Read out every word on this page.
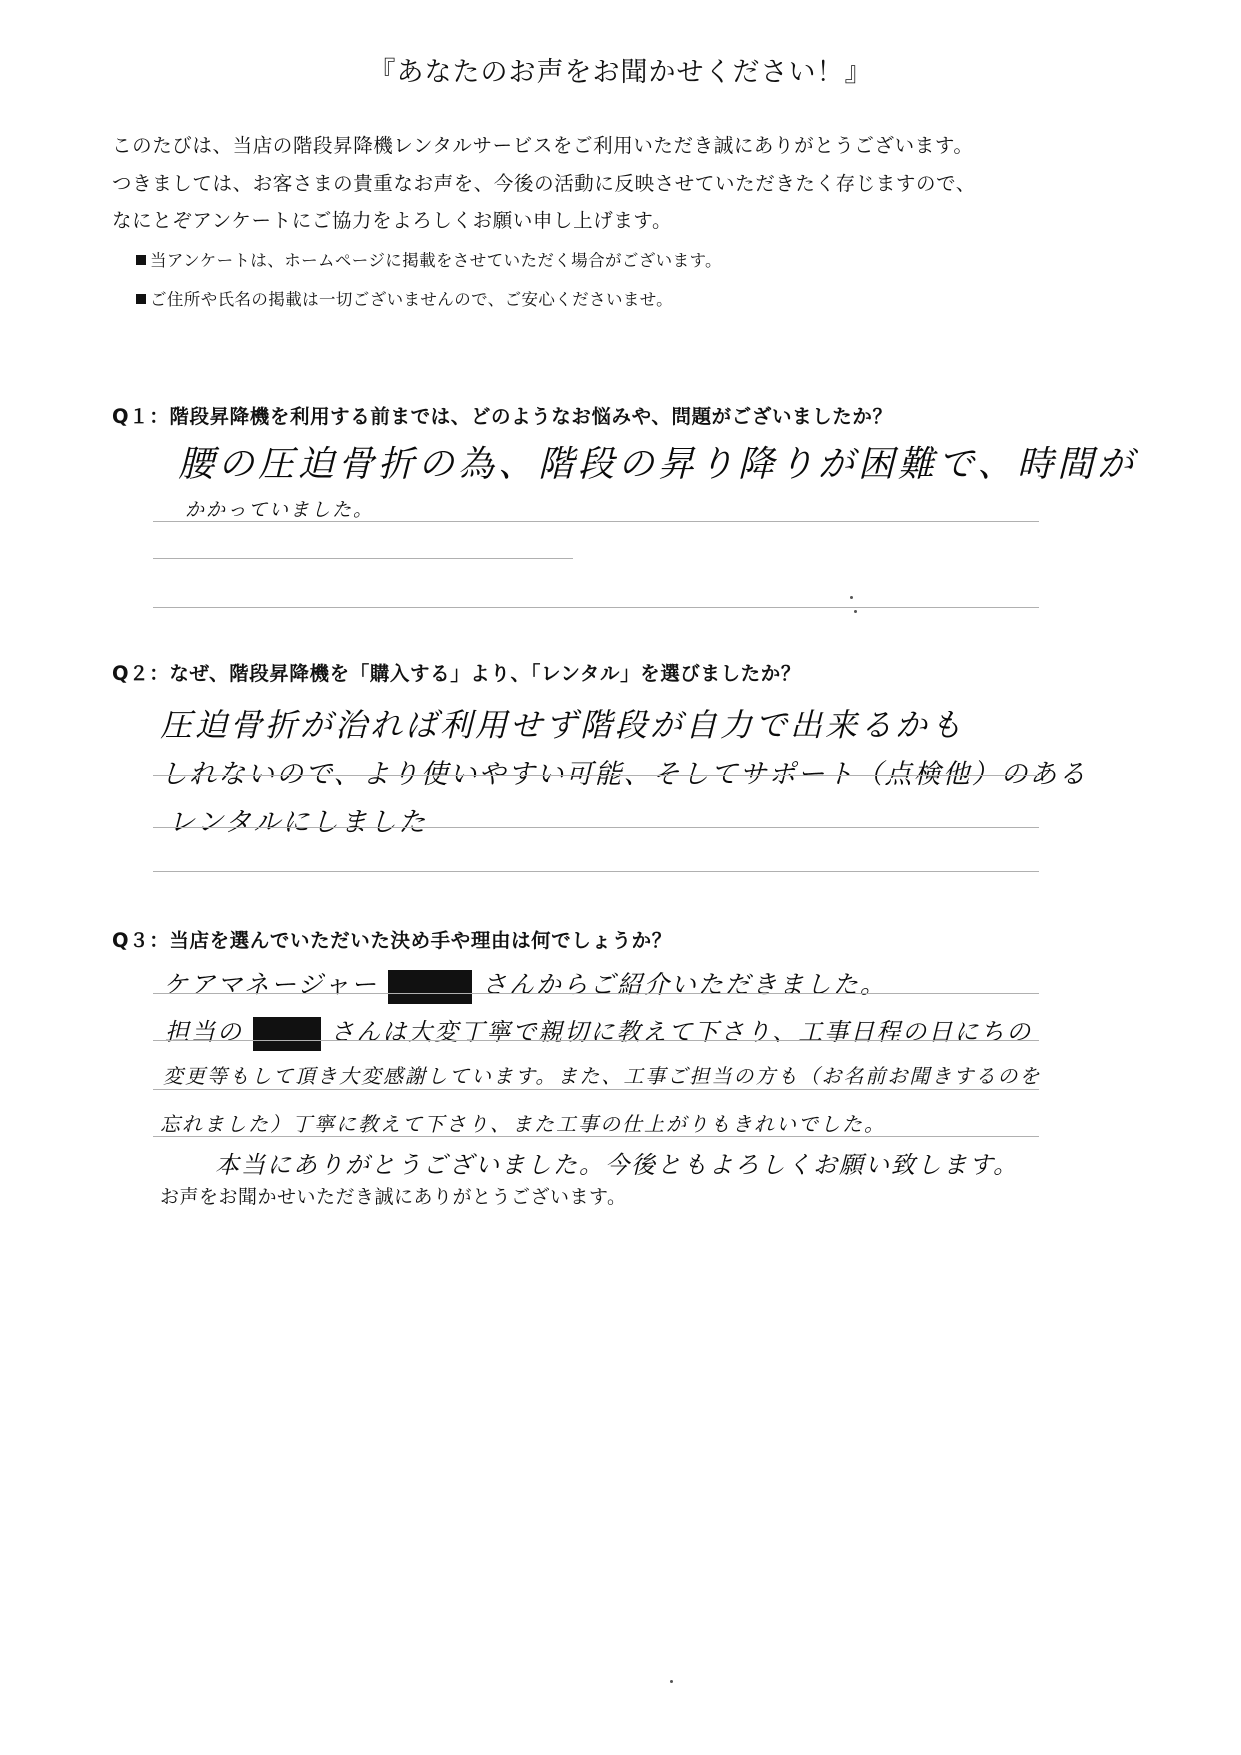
『あなたのお声をお聞かせください！』
このたびは、当店の階段昇降機レンタルサービスをご利用いただき誠にありがとうございます。
つきましては、お客さまの貴重なお声を、今後の活動に反映させていただきたく存じますので、
なにとぞアンケートにご協力をよろしくお願い申し上げます。
当アンケートは、ホームページに掲載をさせていただく場合がございます。
ご住所や氏名の掲載は一切ございませんので、ご安心くださいませ。
Q１：階段昇降機を利用する前までは、どのようなお悩みや、問題がございましたか？
腰の圧迫骨折の為、階段の昇り降りが困難で、時間が
かかっていました。
Q２：なぜ、階段昇降機を「購入する」より、「レンタル」を選びましたか？
圧迫骨折が治れば利用せず階段が自力で出来るかも
しれないので、より使いやすい可能、そしてサポート（点検他）のある
レンタルにしました
Q３：当店を選んでいただいた決め手や理由は何でしょうか？
ケアマネージャー	さんからご紹介いただきました。
担当の	さんは大変丁寧で親切に教えて下さり、工事日程の日にちの
変更等もして頂き大変感謝しています。また、工事ご担当の方も（お名前お聞きするのを
忘れました）丁寧に教えて下さり、また工事の仕上がりもきれいでした。
本当にありがとうございました。今後ともよろしくお願い致します。
お声をお聞かせいただき誠にありがとうございます。
